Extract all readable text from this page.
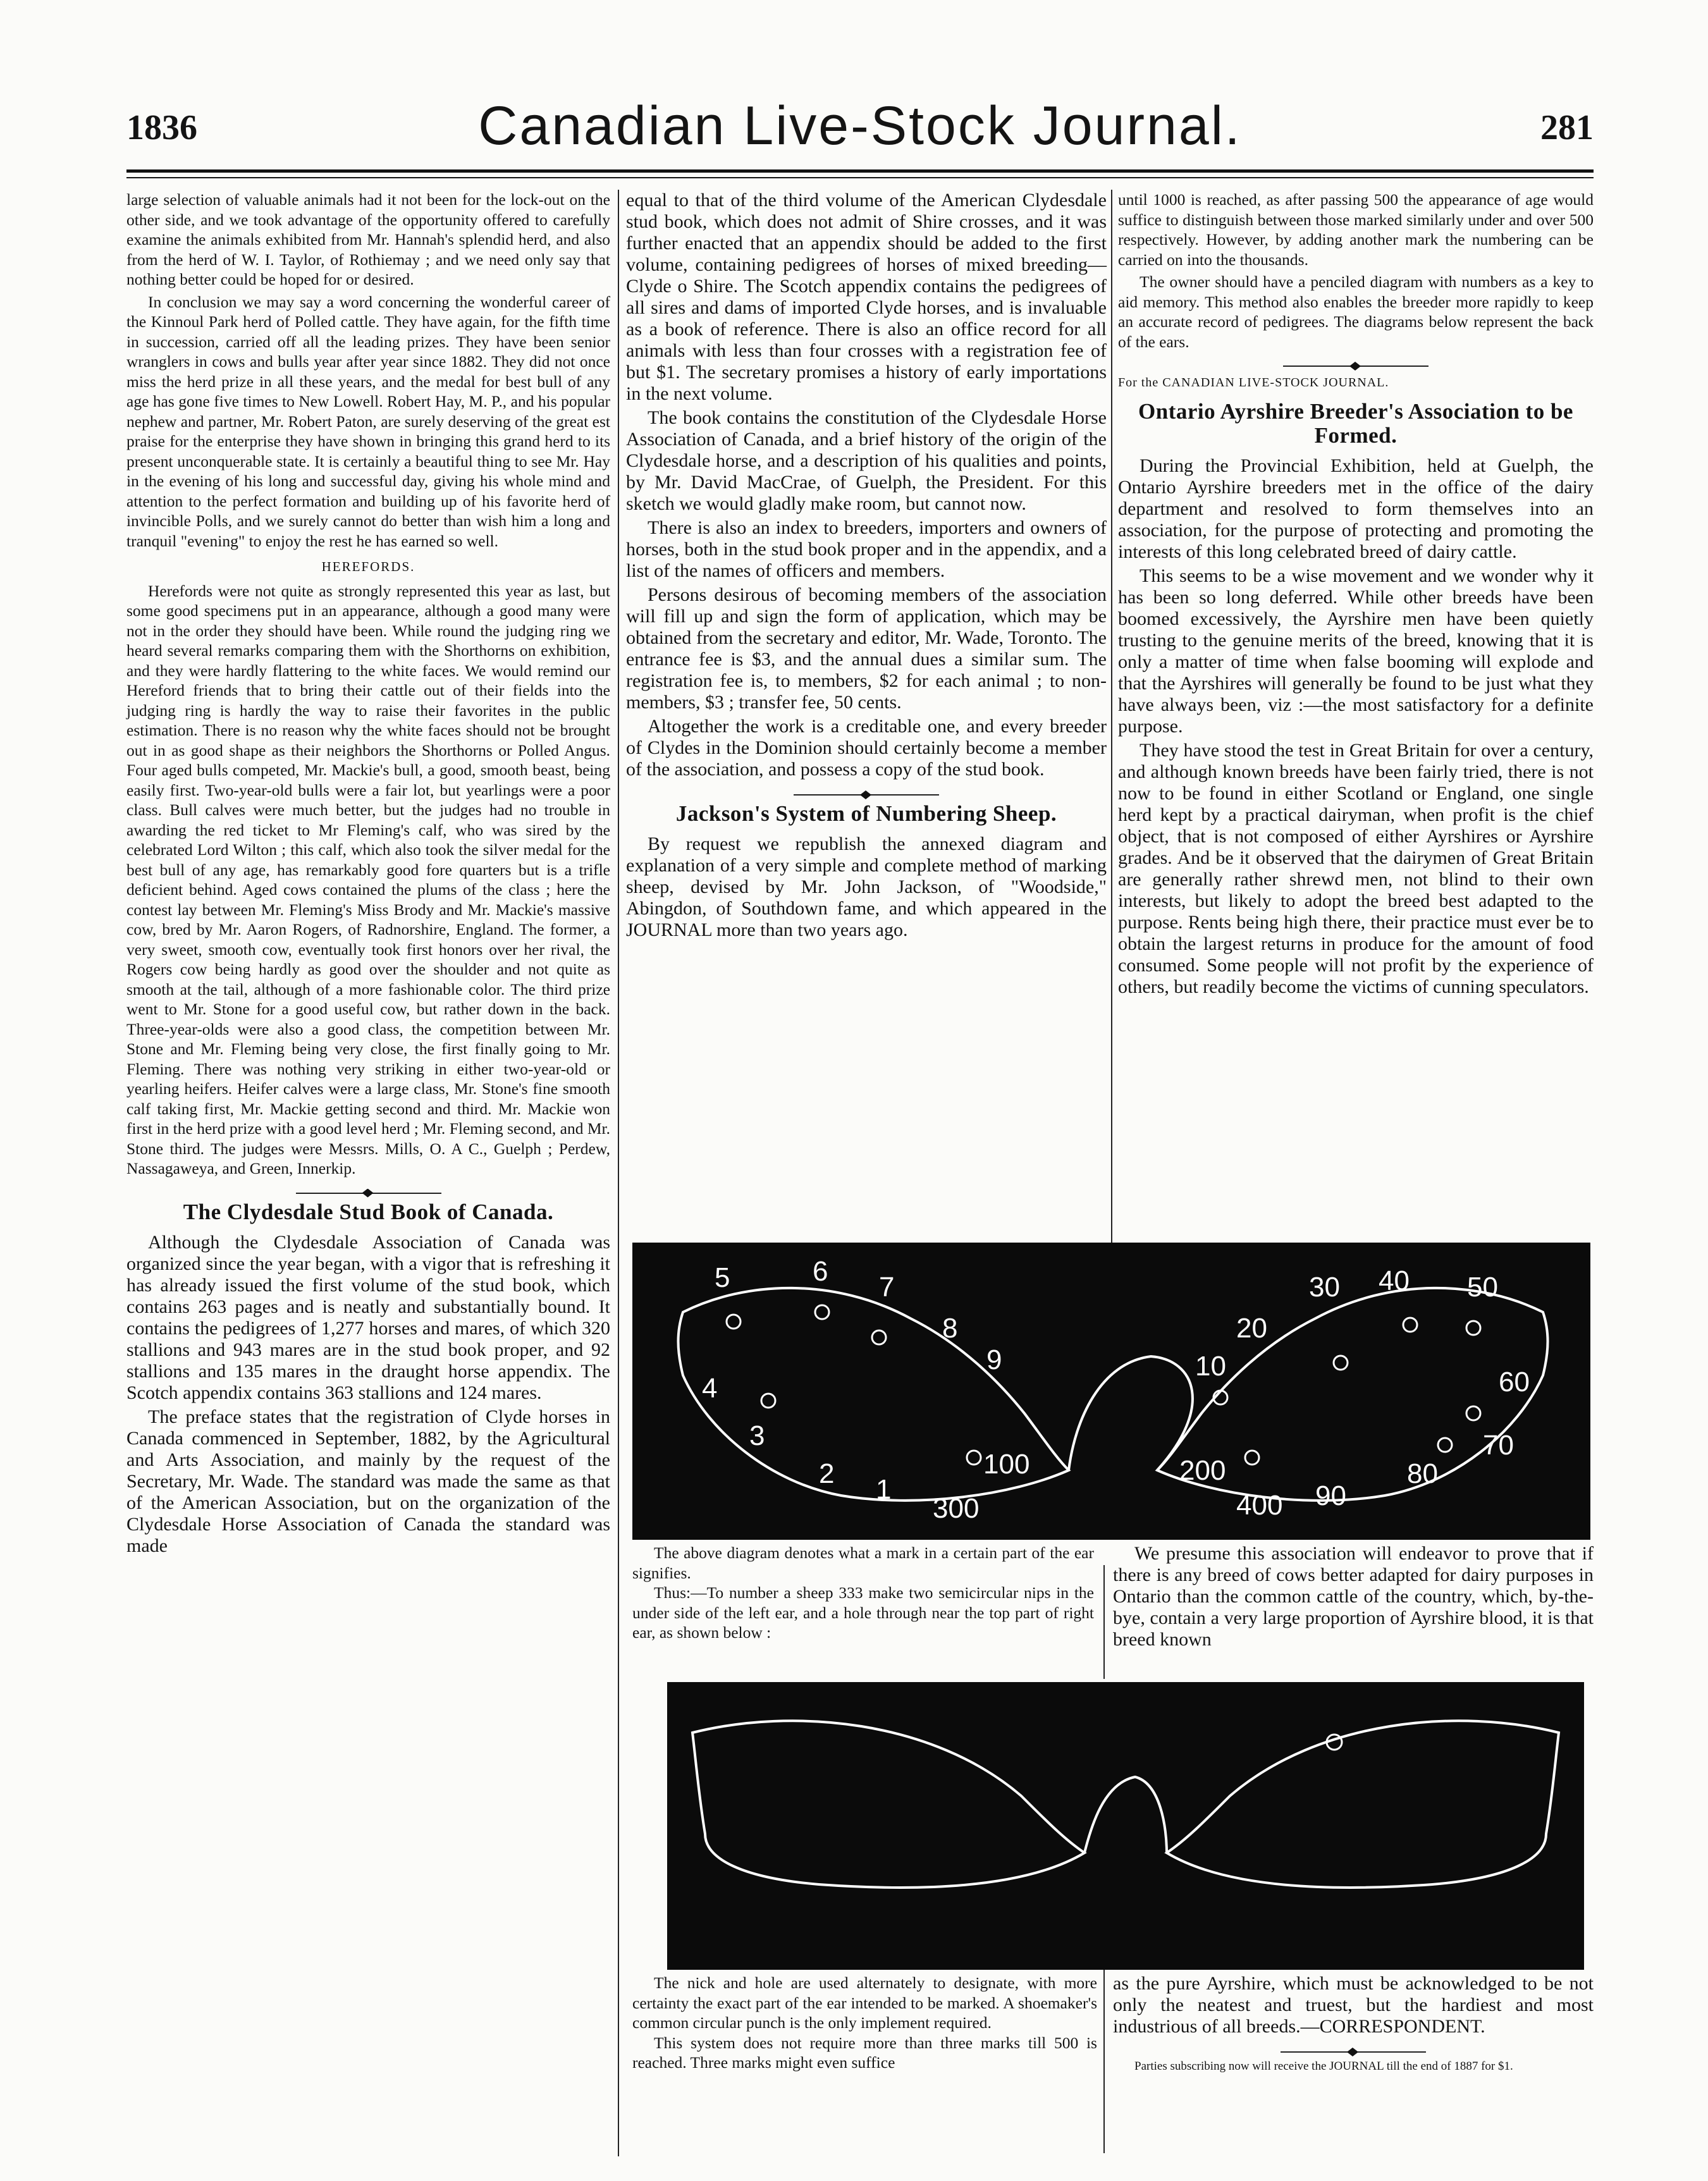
1836	Canadian Live-Stock Journal.	281

large selection of valuable animals had it not been for the lock-out on the other side, and we took advantage of the opportunity offered to carefully examine the animals exhibited from Mr. Hannah's splendid herd, and also from the herd of W. I. Taylor, of Rothiemay ; and we need only say that nothing better could be hoped for or desired.

In conclusion we may say a word concerning the wonderful career of the Kinnoul Park herd of Polled cattle. They have again, for the fifth time in succession, carried off all the leading prizes. They have been senior wranglers in cows and bulls year after year since 1882. They did not once miss the herd prize in all these years, and the medal for best bull of any age has gone five times to New Lowell. Robert Hay, M. P., and his popular nephew and partner, Mr. Robert Paton, are surely deserving of the great est praise for the enterprise they have shown in bringing this grand herd to its present unconquerable state. It is certainly a beautiful thing to see Mr. Hay in the evening of his long and successful day, giving his whole mind and attention to the perfect formation and building up of his favorite herd of invincible Polls, and we surely cannot do better than wish him a long and tranquil "evening" to enjoy the rest he has earned so well.

HEREFORDS.

Herefords were not quite as strongly represented this year as last, but some good specimens put in an appearance, although a good many were not in the order they should have been. While round the judging ring we heard several remarks comparing them with the Shorthorns on exhibition, and they were hardly flattering to the white faces. We would remind our Hereford friends that to bring their cattle out of their fields into the judging ring is hardly the way to raise their favorites in the public estimation. There is no reason why the white faces should not be brought out in as good shape as their neighbors the Shorthorns or Polled Angus. Four aged bulls competed, Mr. Mackie's bull, a good, smooth beast, being easily first. Two-year-old bulls were a fair lot, but yearlings were a poor class. Bull calves were much better, but the judges had no trouble in awarding the red ticket to Mr Fleming's calf, who was sired by the celebrated Lord Wilton ; this calf, which also took the silver medal for the best bull of any age, has remarkably good fore quarters but is a trifle deficient behind. Aged cows contained the plums of the class ; here the contest lay between Mr. Fleming's Miss Brody and Mr. Mackie's massive cow, bred by Mr. Aaron Rogers, of Radnorshire, England. The former, a very sweet, smooth cow, eventually took first honors over her rival, the Rogers cow being hardly as good over the shoulder and not quite as smooth at the tail, although of a more fashionable color. The third prize went to Mr. Stone for a good useful cow, but rather down in the back. Three-year-olds were also a good class, the competition between Mr. Stone and Mr. Fleming being very close, the first finally going to Mr. Fleming. There was nothing very striking in either two-year-old or yearling heifers. Heifer calves were a large class, Mr. Stone's fine smooth calf taking first, Mr. Mackie getting second and third. Mr. Mackie won first in the herd prize with a good level herd ; Mr. Fleming second, and Mr. Stone third. The judges were Messrs. Mills, O. A C., Guelph ; Perdew, Nassagaweya, and Green, Innerkip.

The Clydesdale Stud Book of Canada.

Although the Clydesdale Association of Canada was organized since the year began, with a vigor that is refreshing it has already issued the first volume of the stud book, which contains 263 pages and is neatly and substantially bound. It contains the pedigrees of 1,277 horses and mares, of which 320 stallions and 943 mares are in the stud book proper, and 92 stallions and 135 mares in the draught horse appendix. The Scotch appendix contains 363 stallions and 124 mares.

The preface states that the registration of Clyde horses in Canada commenced in September, 1882, by the Agricultural and Arts Association, and mainly by the request of the Secretary, Mr. Wade. The standard was made the same as that of the American Association, but on the organization of the Clydesdale Horse Association of Canada the standard was made

equal to that of the third volume of the American Clydesdale stud book, which does not admit of Shire crosses, and it was further enacted that an appendix should be added to the first volume, containing pedigrees of horses of mixed breeding—Clyde o Shire. The Scotch appendix contains the pedigrees of all sires and dams of imported Clyde horses, and is invaluable as a book of reference. There is also an office record for all animals with less than four crosses with a registration fee of but $1. The secretary promises a history of early importations in the next volume.

The book contains the constitution of the Clydesdale Horse Association of Canada, and a brief history of the origin of the Clydesdale horse, and a description of his qualities and points, by Mr. David MacCrae, of Guelph, the President. For this sketch we would gladly make room, but cannot now.

There is also an index to breeders, importers and owners of horses, both in the stud book proper and in the appendix, and a list of the names of officers and members.

Persons desirous of becoming members of the association will fill up and sign the form of application, which may be obtained from the secretary and editor, Mr. Wade, Toronto. The entrance fee is $3, and the annual dues a similar sum. The registration fee is, to members, $2 for each animal ; to non-members, $3 ; transfer fee, 50 cents.

Altogether the work is a creditable one, and every breeder of Clydes in the Dominion should certainly become a member of the association, and possess a copy of the stud book.

Jackson's System of Numbering Sheep.

By request we republish the annexed diagram and explanation of a very simple and complete method of marking sheep, devised by Mr. John Jackson, of "Woodside," Abingdon, of Southdown fame, and which appeared in the JOURNAL more than two years ago.

until 1000 is reached, as after passing 500 the appearance of age would suffice to distinguish between those marked similarly under and over 500 respectively. However, by adding another mark the numbering can be carried on into the thousands.

The owner should have a penciled diagram with numbers as a key to aid memory. This method also enables the breeder more rapidly to keep an accurate record of pedigrees. The diagrams below represent the back of the ears.

For the CANADIAN LIVE-STOCK JOURNAL.
Ontario Ayrshire Breeder's Association to be Formed.

During the Provincial Exhibition, held at Guelph, the Ontario Ayrshire breeders met in the office of the dairy department and resolved to form themselves into an association, for the purpose of protecting and promoting the interests of this long celebrated breed of dairy cattle.

This seems to be a wise movement and we wonder why it has been so long deferred. While other breeds have been boomed excessively, the Ayrshire men have been quietly trusting to the genuine merits of the breed, knowing that it is only a matter of time when false booming will explode and that the Ayrshires will generally be found to be just what they have always been, viz :—the most satisfactory for a definite purpose.

They have stood the test in Great Britain for over a century, and although known breeds have been fairly tried, there is not now to be found in either Scotland or England, one single herd kept by a practical dairyman, when profit is the chief object, that is not composed of either Ayrshires or Ayrshire grades. And be it observed that the dairymen of Great Britain are generally rather shrewd men, not blind to their own interests, but likely to adopt the breed best adapted to the purpose. Rents being high there, their practice must ever be to obtain the largest returns in produce for the amount of food consumed. Some people will not profit by the experience of others, but readily become the victims of cunning speculators.

5	6
7
8
9
4
3
2
1
100
300
30 40 50
20
10
60
70
200	80
400 90

The above diagram denotes what a mark in a certain part of the ear signifies.

Thus:—To number a sheep 333 make two semicircular nips in the under side of the left ear, and a hole through near the top part of right ear, as shown below :

We presume this association will endeavor to prove that if there is any breed of cows better adapted for dairy purposes in Ontario than the common cattle of the country, which, by-the-bye, contain a very large proportion of Ayrshire blood, it is that breed known

The nick and hole are used alternately to designate, with more certainty the exact part of the ear intended to be marked. A shoemaker's common circular punch is the only implement required.

This system does not require more than three marks till 500 is reached. Three marks might even suffice

as the pure Ayrshire, which must be acknowledged to be not only the neatest and truest, but the hardiest and most industrious of all breeds.—CORRESPONDENT.

Parties subscribing now will receive the JOURNAL till the end of 1887 for $1.
